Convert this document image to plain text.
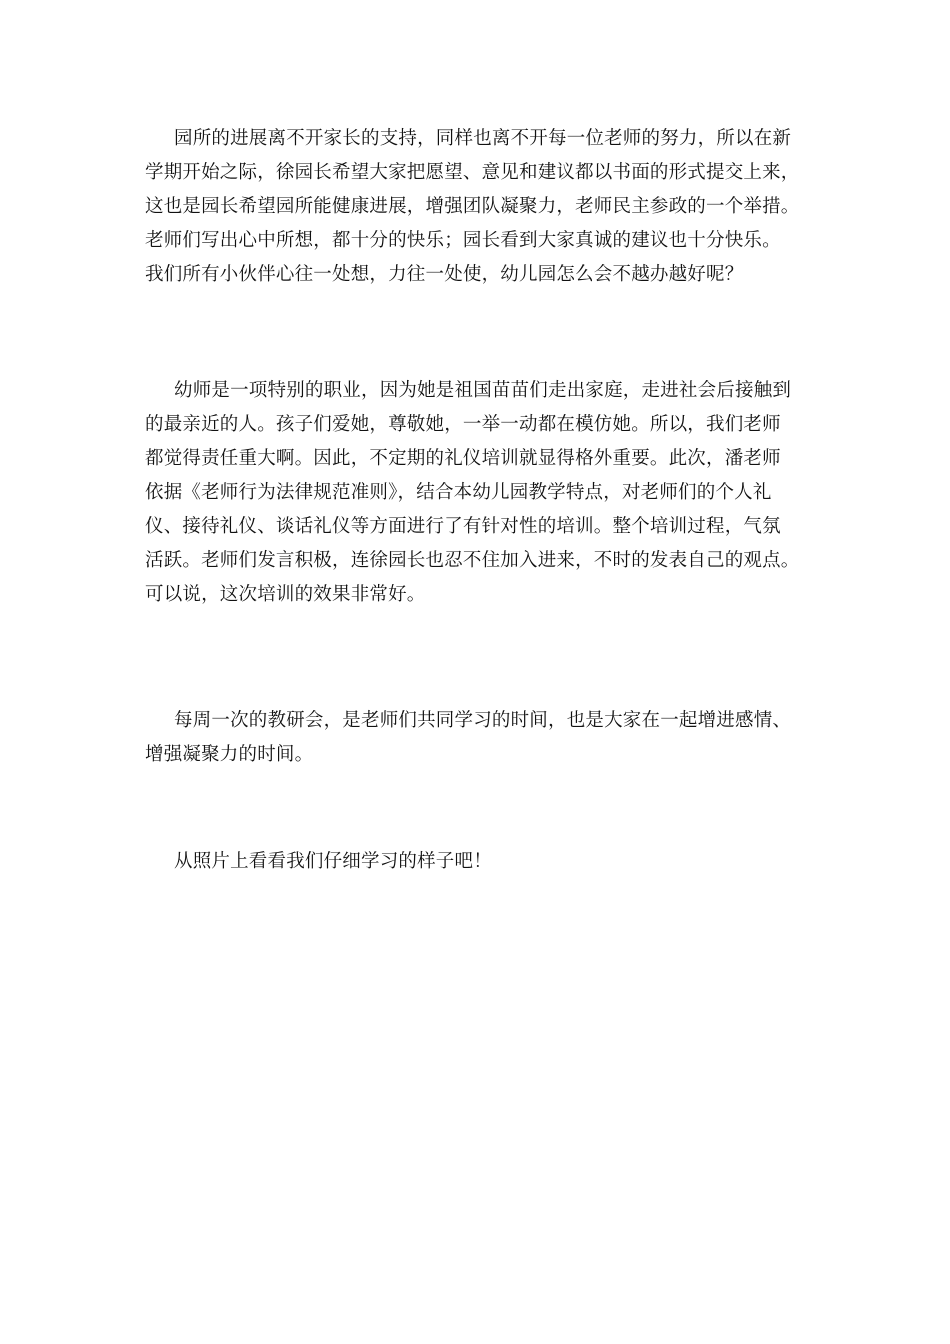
园所的进展离不开家长的支持，同样也离不开每一位老师的努力，所以在新
学期开始之际，徐园长希望大家把愿望、意见和建议都以书面的形式提交上来，
这也是园长希望园所能健康进展，增强团队凝聚力，老师民主参政的一个举措。
老师们写出心中所想，都十分的快乐；园长看到大家真诚的建议也十分快乐。
我们所有小伙伴心往一处想，力往一处使，幼儿园怎么会不越办越好呢？

幼师是一项特别的职业，因为她是祖国苗苗们走出家庭，走进社会后接触到
的最亲近的人。孩子们爱她，尊敬她，一举一动都在模仿她。所以，我们老师
都觉得责任重大啊。因此，不定期的礼仪培训就显得格外重要。此次，潘老师
依据《老师行为法律规范准则》，结合本幼儿园教学特点，对老师们的个人礼
仪、接待礼仪、谈话礼仪等方面进行了有针对性的培训。整个培训过程，气氛
活跃。老师们发言积极，连徐园长也忍不住加入进来，不时的发表自己的观点。
可以说，这次培训的效果非常好。

每周一次的教研会，是老师们共同学习的时间，也是大家在一起增进感情、
增强凝聚力的时间。

从照片上看看我们仔细学习的样子吧！
